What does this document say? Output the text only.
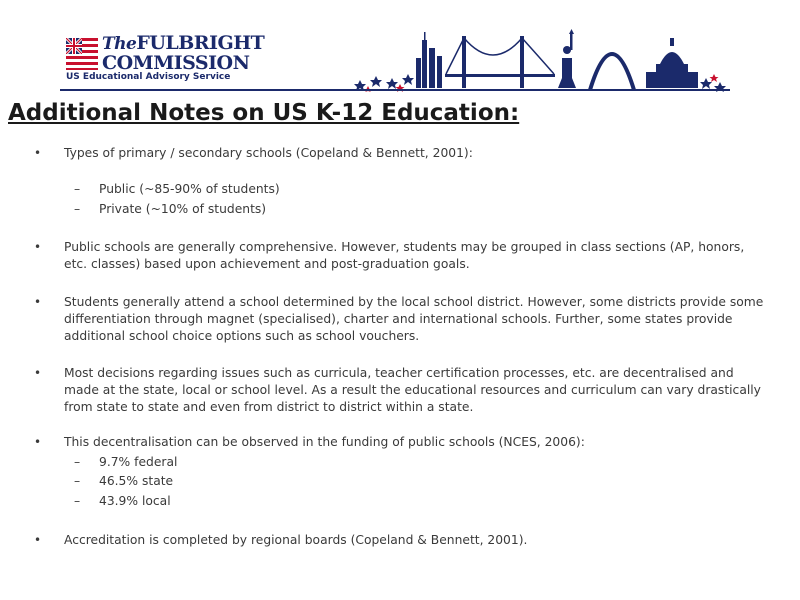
TheFULBRIGHT
COMMISSION
US Educational Advisory Service
Additional Notes on US K-12 Education:
• Types of primary / secondary schools (Copeland & Bennett, 2001):
– Public (~85-90% of students)
– Private (~10% of students)
• Public schools are generally comprehensive. However, students may be grouped in class sections (AP, honors, etc. classes) based upon achievement and post-graduation goals.
• Students generally attend a school determined by the local school district. However, some districts provide some differentiation through magnet (specialised), charter and international schools. Further, some states provide additional school choice options such as school vouchers.
• Most decisions regarding issues such as curricula, teacher certification processes, etc. are decentralised and made at the state, local or school level. As a result the educational resources and curriculum can vary drastically from state to state and even from district to district within a state.
• This decentralisation can be observed in the funding of public schools (NCES, 2006):
– 9.7% federal
– 46.5% state
– 43.9% local
• Accreditation is completed by regional boards (Copeland & Bennett, 2001).
